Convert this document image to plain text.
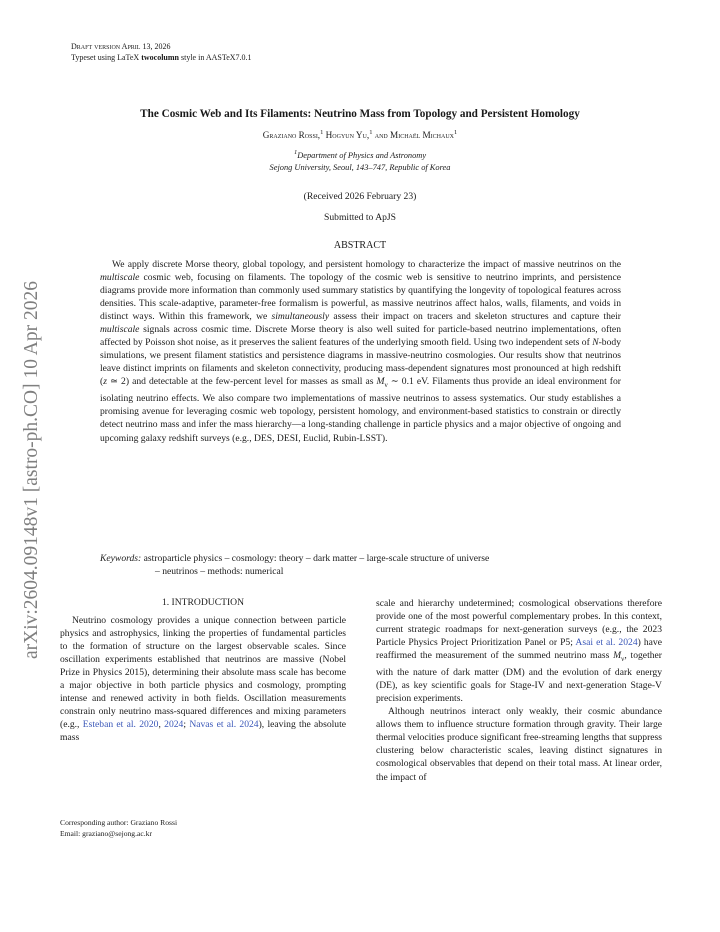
Draft version April 13, 2026
Typeset using LaTeX twocolumn style in AASTeX7.0.1
arXiv:2604.09148v1 [astro-ph.CO] 10 Apr 2026
The Cosmic Web and Its Filaments: Neutrino Mass from Topology and Persistent Homology
Graziano Rossi,$^1$ Hogyun Yu,$^1$ and Michaël Michaux$^1$
$^1$Department of Physics and Astronomy
Sejong University, Seoul, 143–747, Republic of Korea
(Received 2026 February 23)
Submitted to ApJS
ABSTRACT
We apply discrete Morse theory, global topology, and persistent homology to characterize the impact of massive neutrinos on the multiscale cosmic web, focusing on filaments. The topology of the cosmic web is sensitive to neutrino imprints, and persistence diagrams provide more information than commonly used summary statistics by quantifying the longevity of topological features across densities. This scale-adaptive, parameter-free formalism is powerful, as massive neutrinos affect halos, walls, filaments, and voids in distinct ways. Within this framework, we simultaneously assess their impact on tracers and skeleton structures and capture their multiscale signals across cosmic time. Discrete Morse theory is also well suited for particle-based neutrino implementations, often affected by Poisson shot noise, as it preserves the salient features of the underlying smooth field. Using two independent sets of N-body simulations, we present filament statistics and persistence diagrams in massive-neutrino cosmologies. Our results show that neutrinos leave distinct imprints on filaments and skeleton connectivity, producing mass-dependent signatures most pronounced at high redshift (z ≃ 2) and detectable at the few-percent level for masses as small as $M_\nu$ ∼ 0.1 eV. Filaments thus provide an ideal environment for isolating neutrino effects. We also compare two implementations of massive neutrinos to assess systematics. Our study establishes a promising avenue for leveraging cosmic web topology, persistent homology, and environment-based statistics to constrain or directly detect neutrino mass and infer the mass hierarchy—a long-standing challenge in particle physics and a major objective of ongoing and upcoming galaxy redshift surveys (e.g., DES, DESI, Euclid, Rubin-LSST).
Keywords: astroparticle physics – cosmology: theory – dark matter – large-scale structure of universe
– neutrinos – methods: numerical
1. INTRODUCTION
Neutrino cosmology provides a unique connection between particle physics and astrophysics, linking the properties of fundamental particles to the formation of structure on the largest observable scales. Since oscillation experiments established that neutrinos are massive (Nobel Prize in Physics 2015), determining their absolute mass scale has become a major objective in both particle physics and cosmology, prompting intense and renewed activity in both fields. Oscillation measurements constrain only neutrino mass-squared differences and mixing parameters (e.g., Esteban et al. 2020, 2024; Navas et al. 2024), leaving the absolute mass

scale and hierarchy undetermined; cosmological observations therefore provide one of the most powerful complementary probes. In this context, current strategic roadmaps for next-generation surveys (e.g., the 2023 Particle Physics Project Prioritization Panel or P5; Asai et al. 2024) have reaffirmed the measurement of the summed neutrino mass $M_\nu$, together with the nature of dark matter (DM) and the evolution of dark energy (DE), as key scientific goals for Stage-IV and next-generation Stage-V precision experiments.

Although neutrinos interact only weakly, their cosmic abundance allows them to influence structure formation through gravity. Their large thermal velocities produce significant free-streaming lengths that suppress clustering below characteristic scales, leaving distinct signatures in cosmological observables that depend on their total mass. At linear order, the impact of

Corresponding author: Graziano Rossi
Email: graziano@sejong.ac.kr
